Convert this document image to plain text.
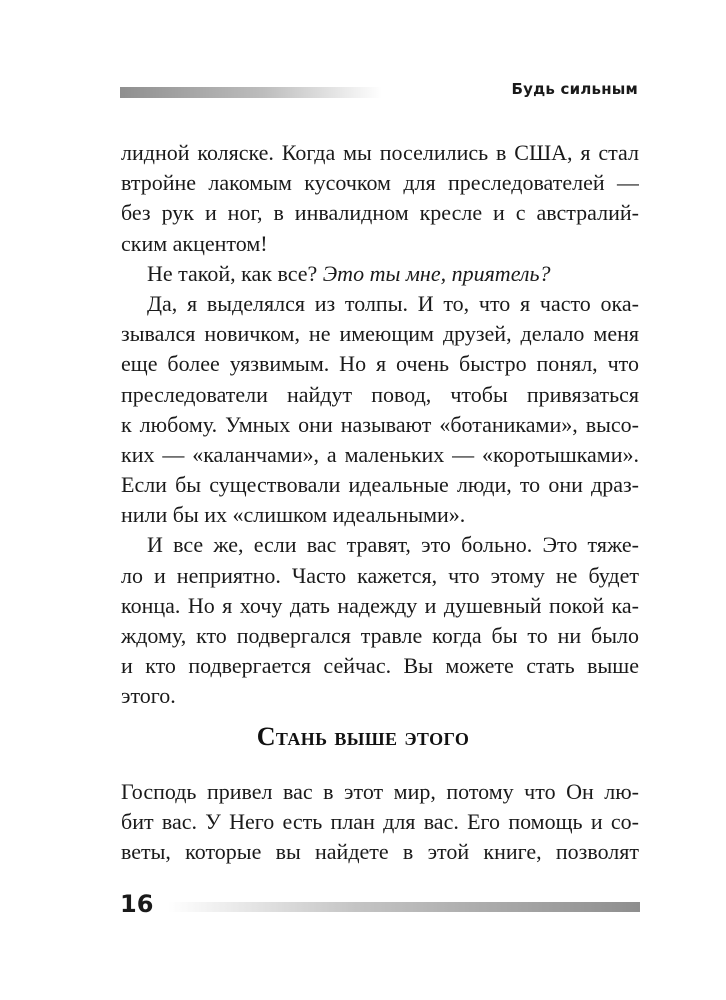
Будь сильным
лидной коляске. Когда мы поселились в США, я стал
втройне лакомым кусочком для преследователей —
без рук и ног, в инвалидном кресле и с австралий-
ским акцентом!
Не такой, как все? Это ты мне, приятель?
Да, я выделялся из толпы. И то, что я часто ока-
зывался новичком, не имеющим друзей, делало меня
еще более уязвимым. Но я очень быстро понял, что
преследователи найдут повод, чтобы привязаться
к любому. Умных они называют «ботаниками», высо-
ких — «каланчами», а маленьких — «коротышками».
Если бы существовали идеальные люди, то они драз-
нили бы их «слишком идеальными».
И все же, если вас травят, это больно. Это тяже-
ло и неприятно. Часто кажется, что этому не будет
конца. Но я хочу дать надежду и душевный покой ка-
ждому, кто подвергался травле когда бы то ни было
и кто подвергается сейчас. Вы можете стать выше
этого.
Стань выше этого
Господь привел вас в этот мир, потому что Он лю-
бит вас. У Него есть план для вас. Его помощь и со-
веты, которые вы найдете в этой книге, позволят
16
